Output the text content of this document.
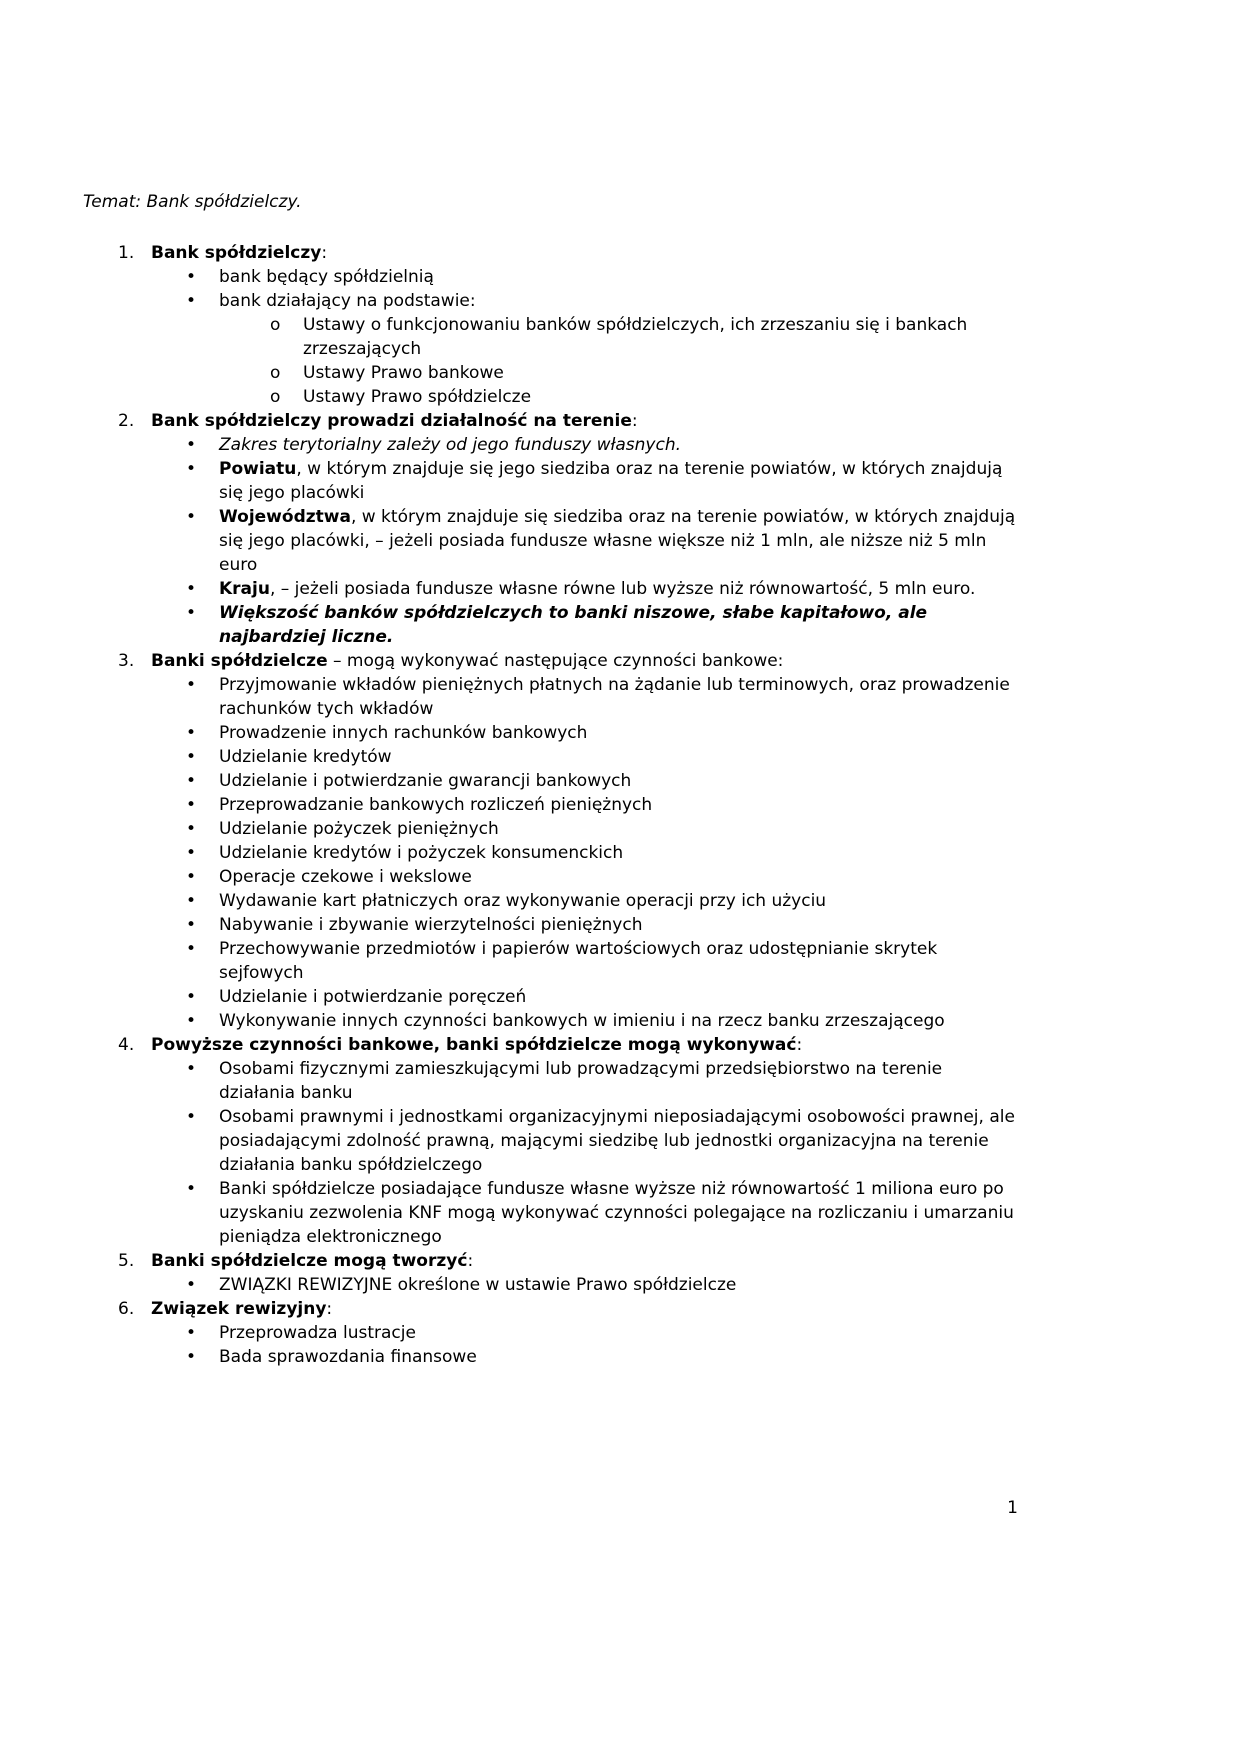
Temat: Bank spółdzielczy.

1. Bank spółdzielczy:
•	bank będący spółdzielnią
•	bank działający na podstawie:
o	Ustawy o funkcjonowaniu banków spółdzielczych, ich zrzeszaniu się i bankach zrzeszających
o	Ustawy Prawo bankowe
o	Ustawy Prawo spółdzielcze
2. Bank spółdzielczy prowadzi działalność na terenie:
•	Zakres terytorialny zależy od jego funduszy własnych.
•	Powiatu, w którym znajduje się jego siedziba oraz na terenie powiatów, w których znajdują się jego placówki
•	Województwa, w którym znajduje się siedziba oraz na terenie powiatów, w których znajdują się jego placówki, – jeżeli posiada fundusze własne większe niż 1 mln, ale niższe niż 5 mln euro
•	Kraju, – jeżeli posiada fundusze własne równe lub wyższe niż równowartość, 5 mln euro.
•	Większość banków spółdzielczych to banki niszowe, słabe kapitałowo, ale najbardziej liczne.
3. Banki spółdzielcze – mogą wykonywać następujące czynności bankowe:
•	Przyjmowanie wkładów pieniężnych płatnych na żądanie lub terminowych, oraz prowadzenie rachunków tych wkładów
•	Prowadzenie innych rachunków bankowych
•	Udzielanie kredytów
•	Udzielanie i potwierdzanie gwarancji bankowych
•	Przeprowadzanie bankowych rozliczeń pieniężnych
•	Udzielanie pożyczek pieniężnych
•	Udzielanie kredytów i pożyczek konsumenckich
•	Operacje czekowe i wekslowe
•	Wydawanie kart płatniczych oraz wykonywanie operacji przy ich użyciu
•	Nabywanie i zbywanie wierzytelności pieniężnych
•	Przechowywanie przedmiotów i papierów wartościowych oraz udostępnianie skrytek sejfowych
•	Udzielanie i potwierdzanie poręczeń
•	Wykonywanie innych czynności bankowych w imieniu i na rzecz banku zrzeszającego
4. Powyższe czynności bankowe, banki spółdzielcze mogą wykonywać:
•	Osobami fizycznymi zamieszkującymi lub prowadzącymi przedsiębiorstwo na terenie działania banku
•	Osobami prawnymi i jednostkami organizacyjnymi nieposiadającymi osobowości prawnej, ale posiadającymi zdolność prawną, mającymi siedzibę lub jednostki organizacyjna na terenie działania banku spółdzielczego
•	Banki spółdzielcze posiadające fundusze własne wyższe niż równowartość 1 miliona euro po uzyskaniu zezwolenia KNF mogą wykonywać czynności polegające na rozliczaniu i umarzaniu pieniądza elektronicznego
5. Banki spółdzielcze mogą tworzyć:
•	ZWIĄZKI REWIZYJNE określone w ustawie Prawo spółdzielcze
6. Związek rewizyjny:
•	Przeprowadza lustracje
•	Bada sprawozdania finansowe
1
